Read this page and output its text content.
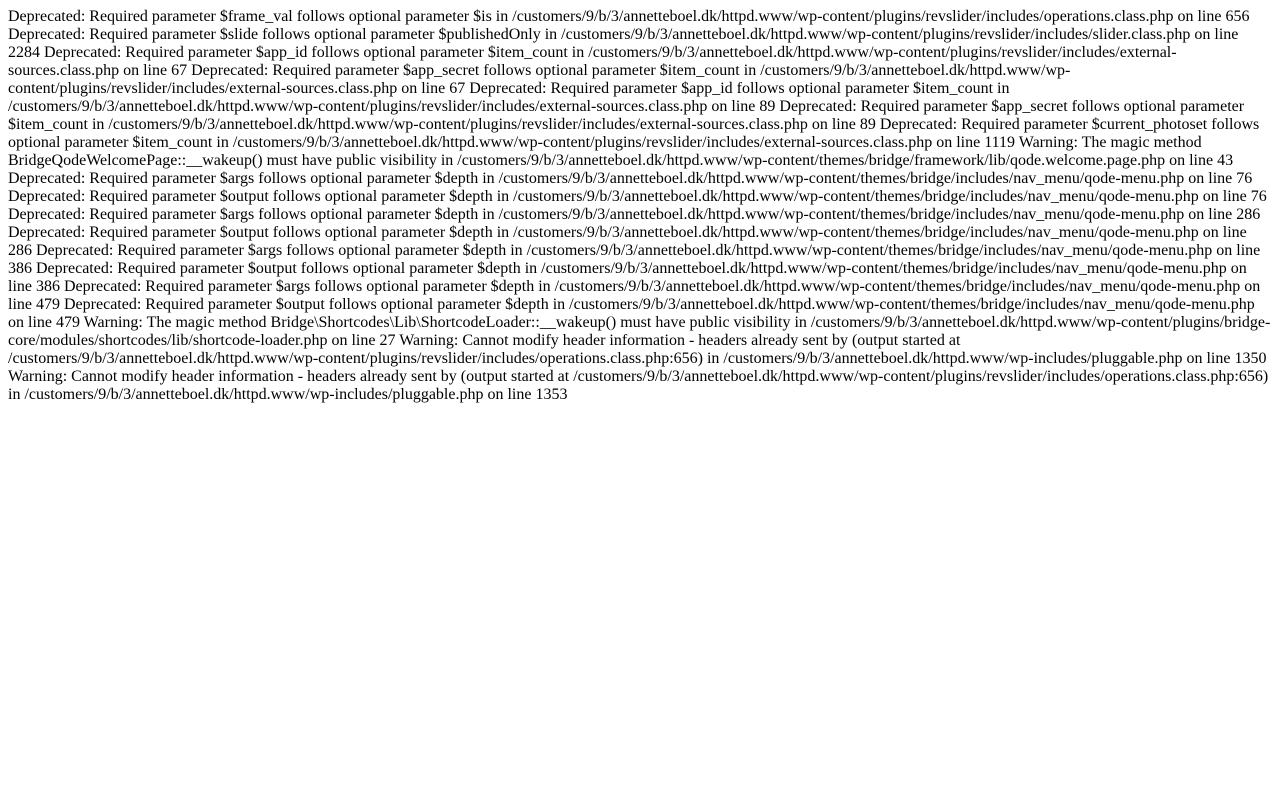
Deprecated: Required parameter $frame_val follows optional parameter $is in /customers/9/b/3/annetteboel.dk/httpd.www/wp-content/plugins/revslider/includes/operations.class.php on line 656 Deprecated: Required parameter $slide follows optional parameter $publishedOnly in /customers/9/b/3/annetteboel.dk/httpd.www/wp-content/plugins/revslider/includes/slider.class.php on line 2284 Deprecated: Required parameter $app_id follows optional parameter $item_count in /customers/9/b/3/annetteboel.dk/httpd.www/wp-content/plugins/revslider/includes/external-sources.class.php on line 67 Deprecated: Required parameter $app_secret follows optional parameter $item_count in /customers/9/b/3/annetteboel.dk/httpd.www/wp-content/plugins/revslider/includes/external-sources.class.php on line 67 Deprecated: Required parameter $app_id follows optional parameter $item_count in /customers/9/b/3/annetteboel.dk/httpd.www/wp-content/plugins/revslider/includes/external-sources.class.php on line 89 Deprecated: Required parameter $app_secret follows optional parameter $item_count in /customers/9/b/3/annetteboel.dk/httpd.www/wp-content/plugins/revslider/includes/external-sources.class.php on line 89 Deprecated: Required parameter $current_photoset follows optional parameter $item_count in /customers/9/b/3/annetteboel.dk/httpd.www/wp-content/plugins/revslider/includes/external-sources.class.php on line 1119 Warning: The magic method BridgeQodeWelcomePage::__wakeup() must have public visibility in /customers/9/b/3/annetteboel.dk/httpd.www/wp-content/themes/bridge/framework/lib/qode.welcome.page.php on line 43 Deprecated: Required parameter $args follows optional parameter $depth in /customers/9/b/3/annetteboel.dk/httpd.www/wp-content/themes/bridge/includes/nav_menu/qode-menu.php on line 76 Deprecated: Required parameter $output follows optional parameter $depth in /customers/9/b/3/annetteboel.dk/httpd.www/wp-content/themes/bridge/includes/nav_menu/qode-menu.php on line 76 Deprecated: Required parameter $args follows optional parameter $depth in /customers/9/b/3/annetteboel.dk/httpd.www/wp-content/themes/bridge/includes/nav_menu/qode-menu.php on line 286 Deprecated: Required parameter $output follows optional parameter $depth in /customers/9/b/3/annetteboel.dk/httpd.www/wp-content/themes/bridge/includes/nav_menu/qode-menu.php on line 286 Deprecated: Required parameter $args follows optional parameter $depth in /customers/9/b/3/annetteboel.dk/httpd.www/wp-content/themes/bridge/includes/nav_menu/qode-menu.php on line 386 Deprecated: Required parameter $output follows optional parameter $depth in /customers/9/b/3/annetteboel.dk/httpd.www/wp-content/themes/bridge/includes/nav_menu/qode-menu.php on line 386 Deprecated: Required parameter $args follows optional parameter $depth in /customers/9/b/3/annetteboel.dk/httpd.www/wp-content/themes/bridge/includes/nav_menu/qode-menu.php on line 479 Deprecated: Required parameter $output follows optional parameter $depth in /customers/9/b/3/annetteboel.dk/httpd.www/wp-content/themes/bridge/includes/nav_menu/qode-menu.php on line 479 Warning: The magic method Bridge\Shortcodes\Lib\ShortcodeLoader::__wakeup() must have public visibility in /customers/9/b/3/annetteboel.dk/httpd.www/wp-content/plugins/bridge-core/modules/shortcodes/lib/shortcode-loader.php on line 27 Warning: Cannot modify header information - headers already sent by (output started at /customers/9/b/3/annetteboel.dk/httpd.www/wp-content/plugins/revslider/includes/operations.class.php:656) in /customers/9/b/3/annetteboel.dk/httpd.www/wp-includes/pluggable.php on line 1350 Warning: Cannot modify header information - headers already sent by (output started at /customers/9/b/3/annetteboel.dk/httpd.www/wp-content/plugins/revslider/includes/operations.class.php:656) in /customers/9/b/3/annetteboel.dk/httpd.www/wp-includes/pluggable.php on line 1353
